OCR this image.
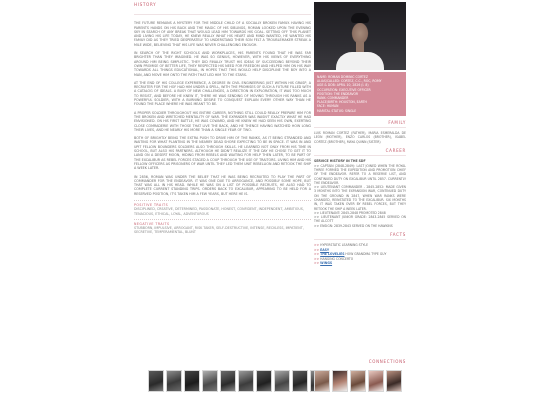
HISTORY

THE FUTURE REMAINS A MYSTERY FOR THE MIDDLE CHILD OF A SOCIALLY BROKEN FAMILY. HAVING HIS PARENTS HANDS ON HIS BACK AND THE MAGIC OF HIS SIBLINGS, ROMAN LOOKED UPON THE EVENING SKY IN SEARCH OF ANY BREAK THAT WOULD LEAD HIM TOWARDS HIS GOAL. SETTING OFF THIS PLANET AND LIVING HIS LIFE TODAY, HE KNEW REALLY WHAT HIS HEART AND MIND WANTED, HE WANTED HIS FAMILY DID AS THEY TRIED DESPERATELY TO UNDERSTAND THEIR SON FELT A TROUBLEMAKER STREAK A MILE WIDE, BELIEVING THAT HIS LIFE WAS NEVER CHALLENGING ENOUGH.

IN SEARCH OF THE RIGHT SCHOOLS AND WORKPLACES, HIS PARENTS FOUND THAT HE WAS FAR BRIGHTER THAN THEY IMAGINED. HE WAS SO GENIUS, HOWEVER, WITH HIS VIEWS OF EVERYTHING AROUND HIM BEING SIMPLISTIC. THEY DID FINALLY TRUST HIS IDEAS OF SUCCEEDING BEYOND THEIR OWN PROMISE OF BETTER LIFE, THEY RESPECTED HIS NEED FOR FREEDOM AND HELPED HIM ON HIS WAY TOWARDS ALL THINGS EDUCATIONAL, IN HOPES THAT THIS WOULD HELP DISCIPLINE THE BOY INTO A MAN, AND MOVE HIM ONTO THE PATH THAT LED HIM TO THE STARS.

AT THE END OF HIS COLLEGE EXPERIENCE, A DEGREE IN CIVIL ENGINEERING JUST WITHIN HIS GRASP, A RECRUITER FOR THE HOF HAD HIM UNDER A SPELL, WITH THE PROMISES OF SUCH A FUTURE FILLED WITH A CATALOG OF IDEALS. A BUSY OF NEW CHALLENGES, A DIRECTION IN EXPLORATION, IT WAS TOO MUCH TO RESIST, AND BEFORE HE KNEW IT, THERE HE WAS SENDING OF MOVING THROUGH HIS RANKS AS A POWERFUL SOLDIER, WITH A BURNING DESIRE TO CONQUEST EXPLAIN EVERY OTHER WAY THAN HE FOUND THE PLACE WHERE HE WAS MEANT TO BE.

A PROPER SOLDIER THROUGHOUT HIS ENTIRE CAREER, NOTHING STILL COULD REALLY PREPARE HIM FOR THE BROKEN AND WRETCHED MENTALITY OF WAR. THE EXPANDER WAS WASN'T EXACTLY WHAT HE HAD ENVISIONED. ON HIS FIRST BATTLE, HE WAS COWARD, AND HE KNEW HE HAD SEEN HIS OWN, EXERTING CLOSE COMRADERIE WITH THOSE THAT LIVE THE BACK, AND HE THENCE HAVING WATCHED HOW LONG THEIR LIVES, AND HE NEARLY HIS MORE THAN A SINGLE YEAR OF TWO.

BOTH OF BRIGHTLY BEING THE EXTRA PUSH TO DRIVE HIM OF THE RANKS, AS IT BEING STRANDED AND WAITING FOR WHAT PLANTING IN THE NEARBY DEAD SHORE EXPECTING TO BE IN SPACE. IT WAS IN AND UPIT FELLOW BOUNDERS SOLDIERS ALSO THROUGH SKILLS. HE LEARNED NOT ONLY FROM HIS TIME IN SCHOOL, BUT ALSO HIS PARTNERS. ALTHOUGH HE DIDN'T REALIZE IT THE DAY HE CHOSE TO GET IT TO LAND ON A DESERT MOON, HIDING FROM REBELS AND WAITING FOR HELP THEN LATER, TO BE PART OF THE EXCALIBUR AS REBEL FORCES STAGED A COUP THROUGH THE USE OF TRAITORS. LIVING HIM AND HIS FELLOW OFFICERS AS PRISONERS OF WAR UNTIL THEY LED THEM UNIT REBELLION AND RETOOK THE SHIP A WEEK LATER.

IN 2856, ROMAN WAS UNDER THE BELIEF THAT HE WAS BEING RECRUITED TO PLAY THE PART OF COMMANDER FOR THE ENDEAVOR. IT WAS ONE DUE TO ARROGANCE, AND POSSIBLY SOME HOPE, BUT THAT WAS ALL IN HIS HEAD. WHILE HE WAS ON A LIST OF POSSIBLE RECRUITS, HE ALSO HAD TO COMPLETE CURRENT STANDING TRIPS. ORDERS BACK TO EXCALIBUR, APPEARING TO BE HELD FOR A RESERVED POSITION, IT'S TAKEN HIM A FEW YEARS, BUT HERE HE IS.

POSITIVE TRAITS
DISCIPLINED, CREATIVE, DETERMINED, PASSIONATE, HONEST, CONFIDENT, INDEPENDENT, AMBITIOUS, TENACIOUS, ETHICAL, LOYAL, ADVENTUROUS
NEGATIVE TRAITS
STUBBORN, IMPULSIVE, ARROGANT, RISK TAKER, SELF-DESTRUCTIVE, INTENSE, RECKLESS, IMPATIENT, SECRETIVE, TEMPERAMENTAL, BLUNT
NAME: ROMAN DOMINIC CORTEZ
ALIAS/CALLED: CORTEZ, C.C., ROC, ROMY
AGE & DOB: APRIL 10, 2826 (I. 8)
OCCUPATION: EXECUTIVE OFFICER
POSITION: THE ENDEAVOR
RANK: COMMANDER
PLACE/BIRTH: HOUSTON, EARTH
FACE: HUMAN
MARITAL STATUS: SINGLE
FAMILY
LUIS ROMAN CORTEZ (FATHER), MARIA ESMERALDA DE LEÓN (MOTHER), ENZO CARLOS (BROTHER), ISABEL CORTEZ (BROTHER), MAYA QUINN (SISTER)
CAREER
SERVICE HISTORY IN THE SDF
>> CAPTAIN (2848-2849): LAST JOINED WHEN THE ROYAL THREE FORMED THE EXPEDITION AND PROMOTION CHIEF OF THE ENDEAVOR. REFER TO A RESERVE LIST, AND CONTINUED DUTY ON EXCALIBUR UNTIL 2857. CURRENTLY THE ENDEAVOR.
>> LIEUTENANT COMMANDER - 2845-2852: MADE GIVEN 3 MONTHS INTO THE EXPANSION WAR, CONTINUED DUTY ON THE GROUND IN 2847, WHEN WAR RANKS WERE CHANGED, REINSTATED TO THE EXCALIBUR. SIX MONTHS IN, IT WAS TAKEN OVER BY REBEL FORCES, BUT THEY RETOOK THE SHIP A WEEK LATER.
>> LIEUTENANT: 2845-2848 PROMOTED 2848
>> LIEUTENANT JUNIOR GRADE: 2843-2845 SERVED ON THE ALCOTT
>> ENSIGN: 2839-2843 SERVED ON THE HAWKINS
FACTS
>> HYPERSTATIC LEARNING STYLE
>> EASY
>> THE LOVELIES HOW GRANDMA TYPE GUY
>> HANGING CONCERTO
>> WINGS
CONNECTIONS
